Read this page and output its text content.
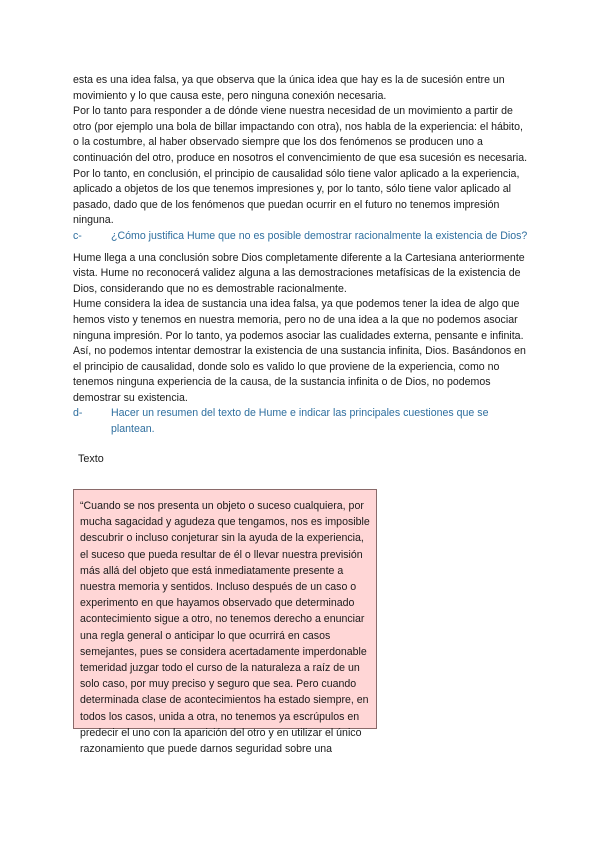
esta es una idea falsa, ya que observa que la única idea que hay es la de sucesión entre un movimiento y lo que causa este, pero ninguna conexión necesaria.

Por lo tanto para responder a de dónde viene nuestra necesidad de un movimiento a partir de otro (por ejemplo una bola de billar impactando con otra), nos habla de la experiencia: el hábito, o la costumbre, al haber observado siempre que los dos fenómenos se producen uno a continuación del otro, produce en nosotros el convencimiento de que esa sucesión es necesaria.

Por lo tanto, en conclusión, el principio de causalidad sólo tiene valor aplicado a la experiencia, aplicado a objetos de los que tenemos impresiones y, por lo tanto, sólo tiene valor aplicado al pasado, dado que de los fenómenos que puedan ocurrir en el futuro no tenemos impresión ninguna.

c-	¿Cómo justifica Hume que no es posible demostrar racionalmente la existencia de Dios?

Hume llega a una conclusión sobre Dios completamente diferente a la Cartesiana anteriormente vista. Hume no reconocerá validez alguna a las demostraciones metafísicas de la existencia de Dios, considerando que no es demostrable racionalmente.

Hume considera la idea de sustancia una idea falsa, ya que podemos tener la idea de algo que hemos visto y tenemos en nuestra memoria, pero no de una idea a la que no podemos asociar ninguna impresión. Por lo tanto, ya podemos asociar las cualidades externa, pensante e infinita. Así, no podemos intentar demostrar la existencia de una sustancia infinita, Dios. Basándonos en el principio de causalidad, donde solo es valido lo que proviene de la experiencia, como no tenemos ninguna experiencia de la causa, de la sustancia infinita o de Dios, no podemos demostrar su existencia.

d-	Hacer un resumen del texto de Hume e indicar las principales cuestiones que se plantean.
Texto
“Cuando se nos presenta un objeto o suceso cualquiera, por mucha sagacidad y agudeza que tengamos, nos es imposible descubrir o incluso conjeturar sin la ayuda de la experiencia, el suceso que pueda resultar de él o llevar nuestra previsión más allá del objeto que está inmediatamente presente a nuestra memoria y sentidos. Incluso después de un caso o experimento en que hayamos observado que determinado acontecimiento sigue a otro, no tenemos derecho a enunciar una regla general o anticipar lo que ocurrirá en casos semejantes, pues se considera acertadamente imperdonable temeridad juzgar todo el curso de la naturaleza a raíz de un solo caso, por muy preciso y seguro que sea. Pero cuando determinada clase de acontecimientos ha estado siempre, en todos los casos, unida a otra, no tenemos ya escrúpulos en predecir el uno con la aparición del otro y en utilizar el único razonamiento que puede darnos seguridad sobre una
